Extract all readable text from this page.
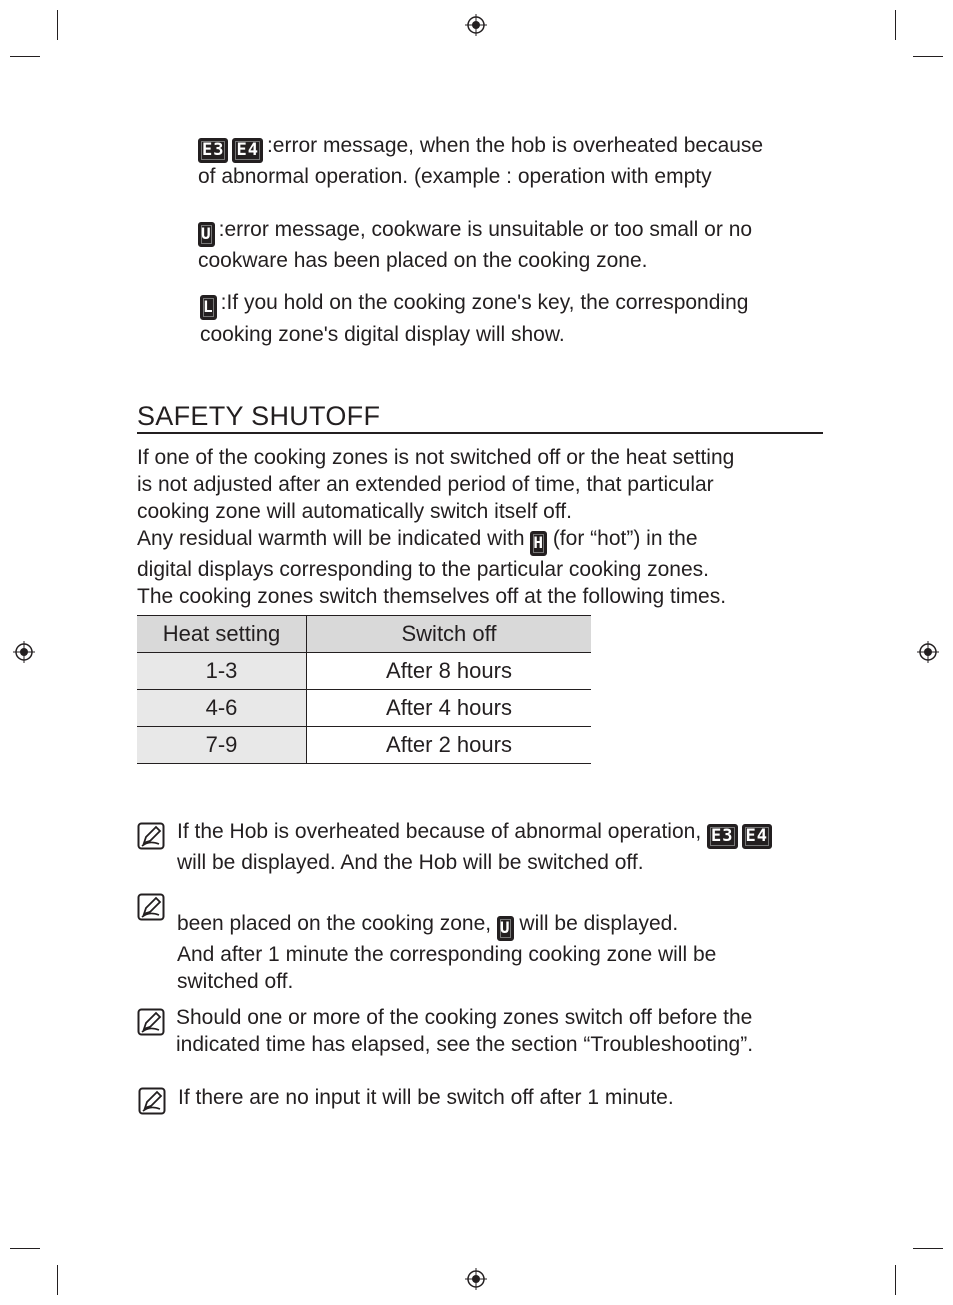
E3 E4 :error message, when the hob is overheated because
of abnormal operation. (example : operation with empty
U :error message, cookware is unsuitable or too small or no
cookware has been placed on the cooking zone.
L :If you hold on the cooking zone's key, the corresponding
cooking zone's digital display will show.
SAFETY SHUTOFF
If one of the cooking zones is not switched off or the heat setting
is not adjusted after an extended period of time, that particular
cooking zone will automatically switch itself off.
Any residual warmth will be indicated with H (for “hot”) in the
digital displays corresponding to the particular cooking zones.
The cooking zones switch themselves off at the following times.
Heat setting	Switch off
1-3	After 8 hours
4-6	After 4 hours
7-9	After 2 hours
If the Hob is overheated because of abnormal operation, E3 E4
will be displayed. And the Hob will be switched off.
been placed on the cooking zone, U will be displayed.
And after 1 minute the corresponding cooking zone will be
switched off.
Should one or more of the cooking zones switch off before the
indicated time has elapsed, see the section “Troubleshooting”.
If there are no input it will be switch off after 1 minute.
